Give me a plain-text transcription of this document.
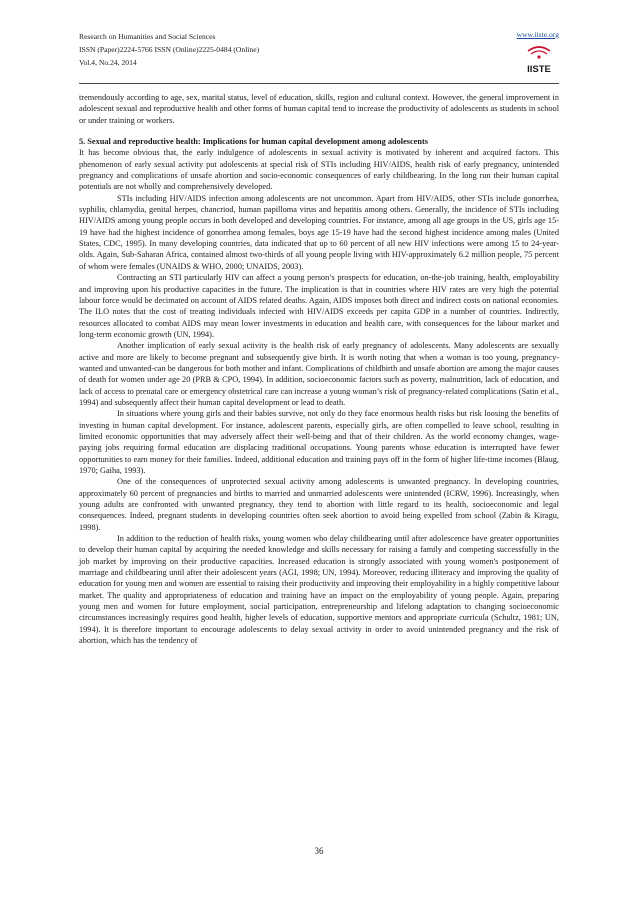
Research on Humanities and Social Sciences
ISSN (Paper)2224-5766 ISSN (Online)2225-0484 (Online)
Vol.4, No.24, 2014
www.iiste.org
IISTE

tremendously according to age, sex, marital status, level of education, skills, region and cultural context. However, the general improvement in adolescent sexual and reproductive health and other forms of human capital tend to increase the productivity of adolescents as students in school or under training or workers.

5. Sexual and reproductive health: Implications for human capital development among adolescents

It has become obvious that, the early indulgence of adolescents in sexual activity is motivated by inherent and acquired factors. This phenomenon of early sexual activity put adolescents at special risk of STIs including HIV/AIDS, health risk of early pregnancy, unintended pregnancy and complications of unsafe abortion and socio-economic consequences of early childbearing. In the long run their human capital potentials are not wholly and comprehensively developed.

STIs including HIV/AIDS infection among adolescents are not uncommon. Apart from HIV/AIDS, other STIs include gonorrhea, syphilis, chlamydia, genital herpes, chancriod, human papilloma virus and hepatitis among others. Generally, the incidence of STIs including HIV/AIDS among young people occurs in both developed and developing countries. For instance, among all age groups in the US, girls age 15-19 have had the highest incidence of gonorrhea among females, boys age 15-19 have had the second highest incidence among males (United States, CDC, 1995). In many developing countries, data indicated that up to 60 percent of all new HIV infections were among 15 to 24-year-olds. Again, Sub-Saharan Africa, contained almost two-thirds of all young people living with HIV-approximately 6.2 million people, 75 percent of whom were females (UNAIDS & WHO, 2000; UNAIDS, 2003).

Contracting an STI particularly HIV can affect a young person’s prospects for education, on-the-job training, health, employability and improving upon his productive capacities in the future. The implication is that in countries where HIV rates are very high the potential labour force would be decimated on account of AIDS related deaths. Again, AIDS imposes both direct and indirect costs on national economies. The ILO notes that the cost of treating individuals infected with HIV/AIDS exceeds per capita GDP in a number of countries. Indirectly, resources allocated to combat AIDS may mean lower investments in education and health care, with consequences for the labour market and long-term economic growth (UN, 1994).

Another implication of early sexual activity is the health risk of early pregnancy of adolescents. Many adolescents are sexually active and more are likely to become pregnant and subsequently give birth. It is worth noting that when a woman is too young, pregnancy-wanted and unwanted-can be dangerous for both mother and infant. Complications of childbirth and unsafe abortion are among the major causes of death for women under age 20 (PRB & CPO, 1994). In addition, socioeconomic factors such as poverty, malnutrition, lack of education, and lack of access to prenatal care or emergency obstetrical care can increase a young woman’s risk of pregnancy-related complications (Satin et al., 1994) and subsequently affect their human capital development or lead to death.

In situations where young girls and their babies survive, not only do they face enormous health risks but risk loosing the benefits of investing in human capital development. For instance, adolescent parents, especially girls, are often compelled to leave school, resulting in limited economic opportunities that may adversely affect their well-being and that of their children. As the world economy changes, wage-paying jobs requiring formal education are displacing traditional occupations. Young parents whose education is interrupted have fewer opportunities to earn money for their families. Indeed, additional education and training pays off in the form of higher life-time incomes (Blaug, 1970; Gaiha, 1993).

One of the consequences of unprotected sexual activity among adolescents is unwanted pregnancy. In developing countries, approximately 60 percent of pregnancies and births to married and unmarried adolescents were unintended (ICRW, 1996). Increasingly, when young adults are confronted with unwanted pregnancy, they tend to abortion with little regard to its health, socioeconomic and legal consequences. Indeed, pregnant students in developing countries often seek abortion to avoid being expelled from school (Zabin & Kiragu, 1998).

In addition to the reduction of health risks, young women who delay childbearing until after adolescence have greater opportunities to develop their human capital by acquiring the needed knowledge and skills necessary for raising a family and competing successfully in the job market by improving on their productive capacities. Increased education is strongly associated with young women's postponement of marriage and childbearing until after their adolescent years (AGI, 1998; UN, 1994). Moreover, reducing illiteracy and improving the quality of education for young men and women are essential to raising their productivity and improving their employability in a highly competitive labour market. The quality and appropriateness of education and training have an impact on the employability of young people. Again, preparing young men and women for future employment, social participation, entrepreneurship and lifelong adaptation to changing socioeconomic circumstances increasingly requires good health, higher levels of education, supportive mentors and appropriate curricula (Schultz, 1981; UN, 1994). It is therefore important to encourage adolescents to delay sexual activity in order to avoid unintended pregnancy and the risk of abortion, which has the tendency of

36
